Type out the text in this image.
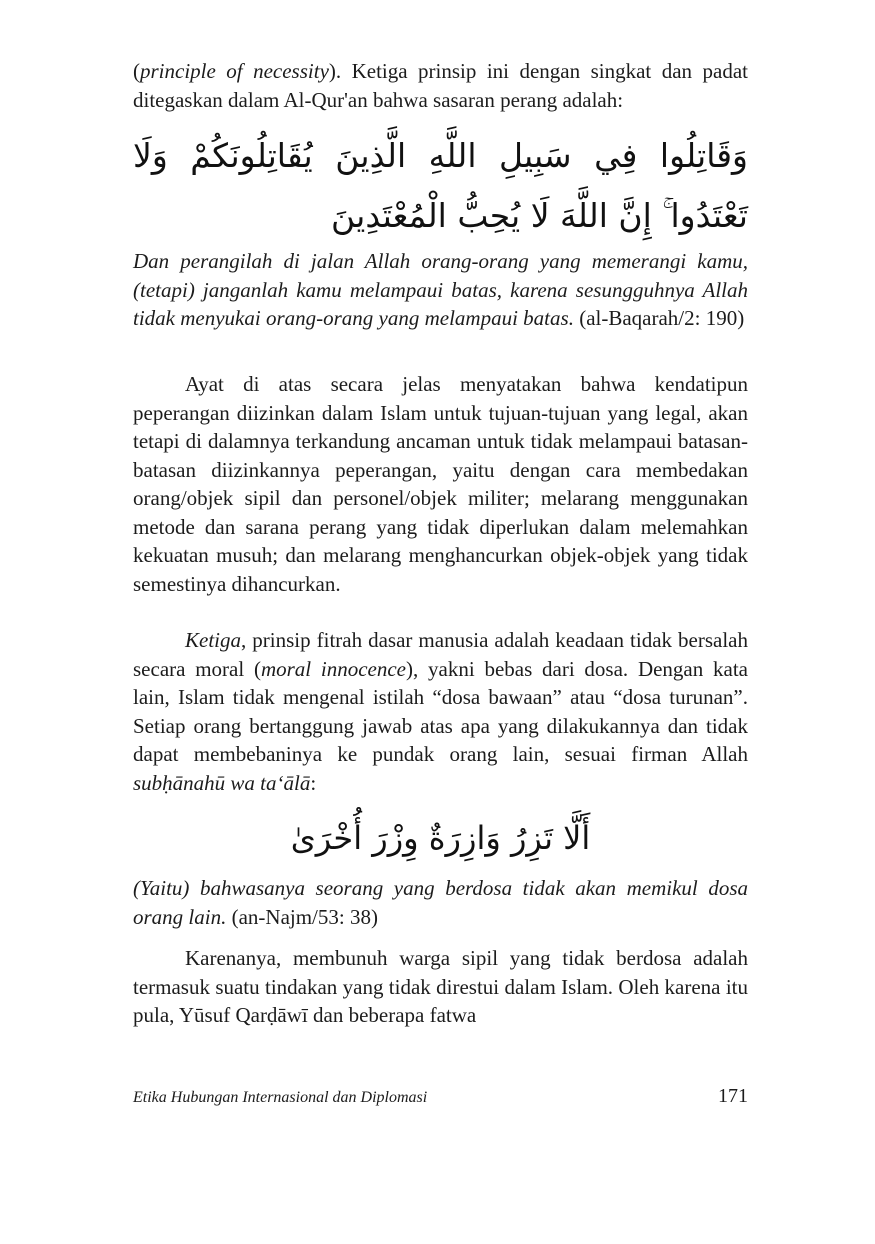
(principle of necessity). Ketiga prinsip ini dengan singkat dan padat ditegaskan dalam Al-Qur'an bahwa sasaran perang adalah:

وَقَاتِلُوا فِي سَبِيلِ اللَّهِ الَّذِينَ يُقَاتِلُونَكُمْ وَلَا تَعْتَدُوا ۚ إِنَّ اللَّهَ لَا يُحِبُّ الْمُعْتَدِينَ
Dan perangilah di jalan Allah orang-orang yang memerangi kamu, (tetapi) janganlah kamu melampaui batas, karena sesungguhnya Allah tidak menyukai orang-orang yang melampaui batas. (al-Baqarah/2: 190)

Ayat di atas secara jelas menyatakan bahwa kendatipun peperangan diizinkan dalam Islam untuk tujuan-tujuan yang legal, akan tetapi di dalamnya terkandung ancaman untuk tidak melampaui batasan-batasan diizinkannya peperangan, yaitu dengan cara membedakan orang/objek sipil dan personel/objek militer; melarang menggunakan metode dan sarana perang yang tidak diperlukan dalam melemahkan kekuatan musuh; dan melarang menghancurkan objek-objek yang tidak semestinya dihancurkan.

Ketiga, prinsip fitrah dasar manusia adalah keadaan tidak bersalah secara moral (moral innocence), yakni bebas dari dosa. Dengan kata lain, Islam tidak mengenal istilah “dosa bawaan” atau “dosa turunan”. Setiap orang bertanggung jawab atas apa yang dilakukannya dan tidak dapat membebaninya ke pundak orang lain, sesuai firman Allah subḥānahū wa ta‘ālā:

أَلَّا تَزِرُ وَازِرَةٌ وِزْرَ أُخْرَىٰ
(Yaitu) bahwasanya seorang yang berdosa tidak akan memikul dosa orang lain. (an-Najm/53: 38)

Karenanya, membunuh warga sipil yang tidak berdosa adalah termasuk suatu tindakan yang tidak direstui dalam Islam. Oleh karena itu pula, Yūsuf Qarḍāwī dan beberapa fatwa

Etika Hubungan Internasional dan Diplomasi	171
